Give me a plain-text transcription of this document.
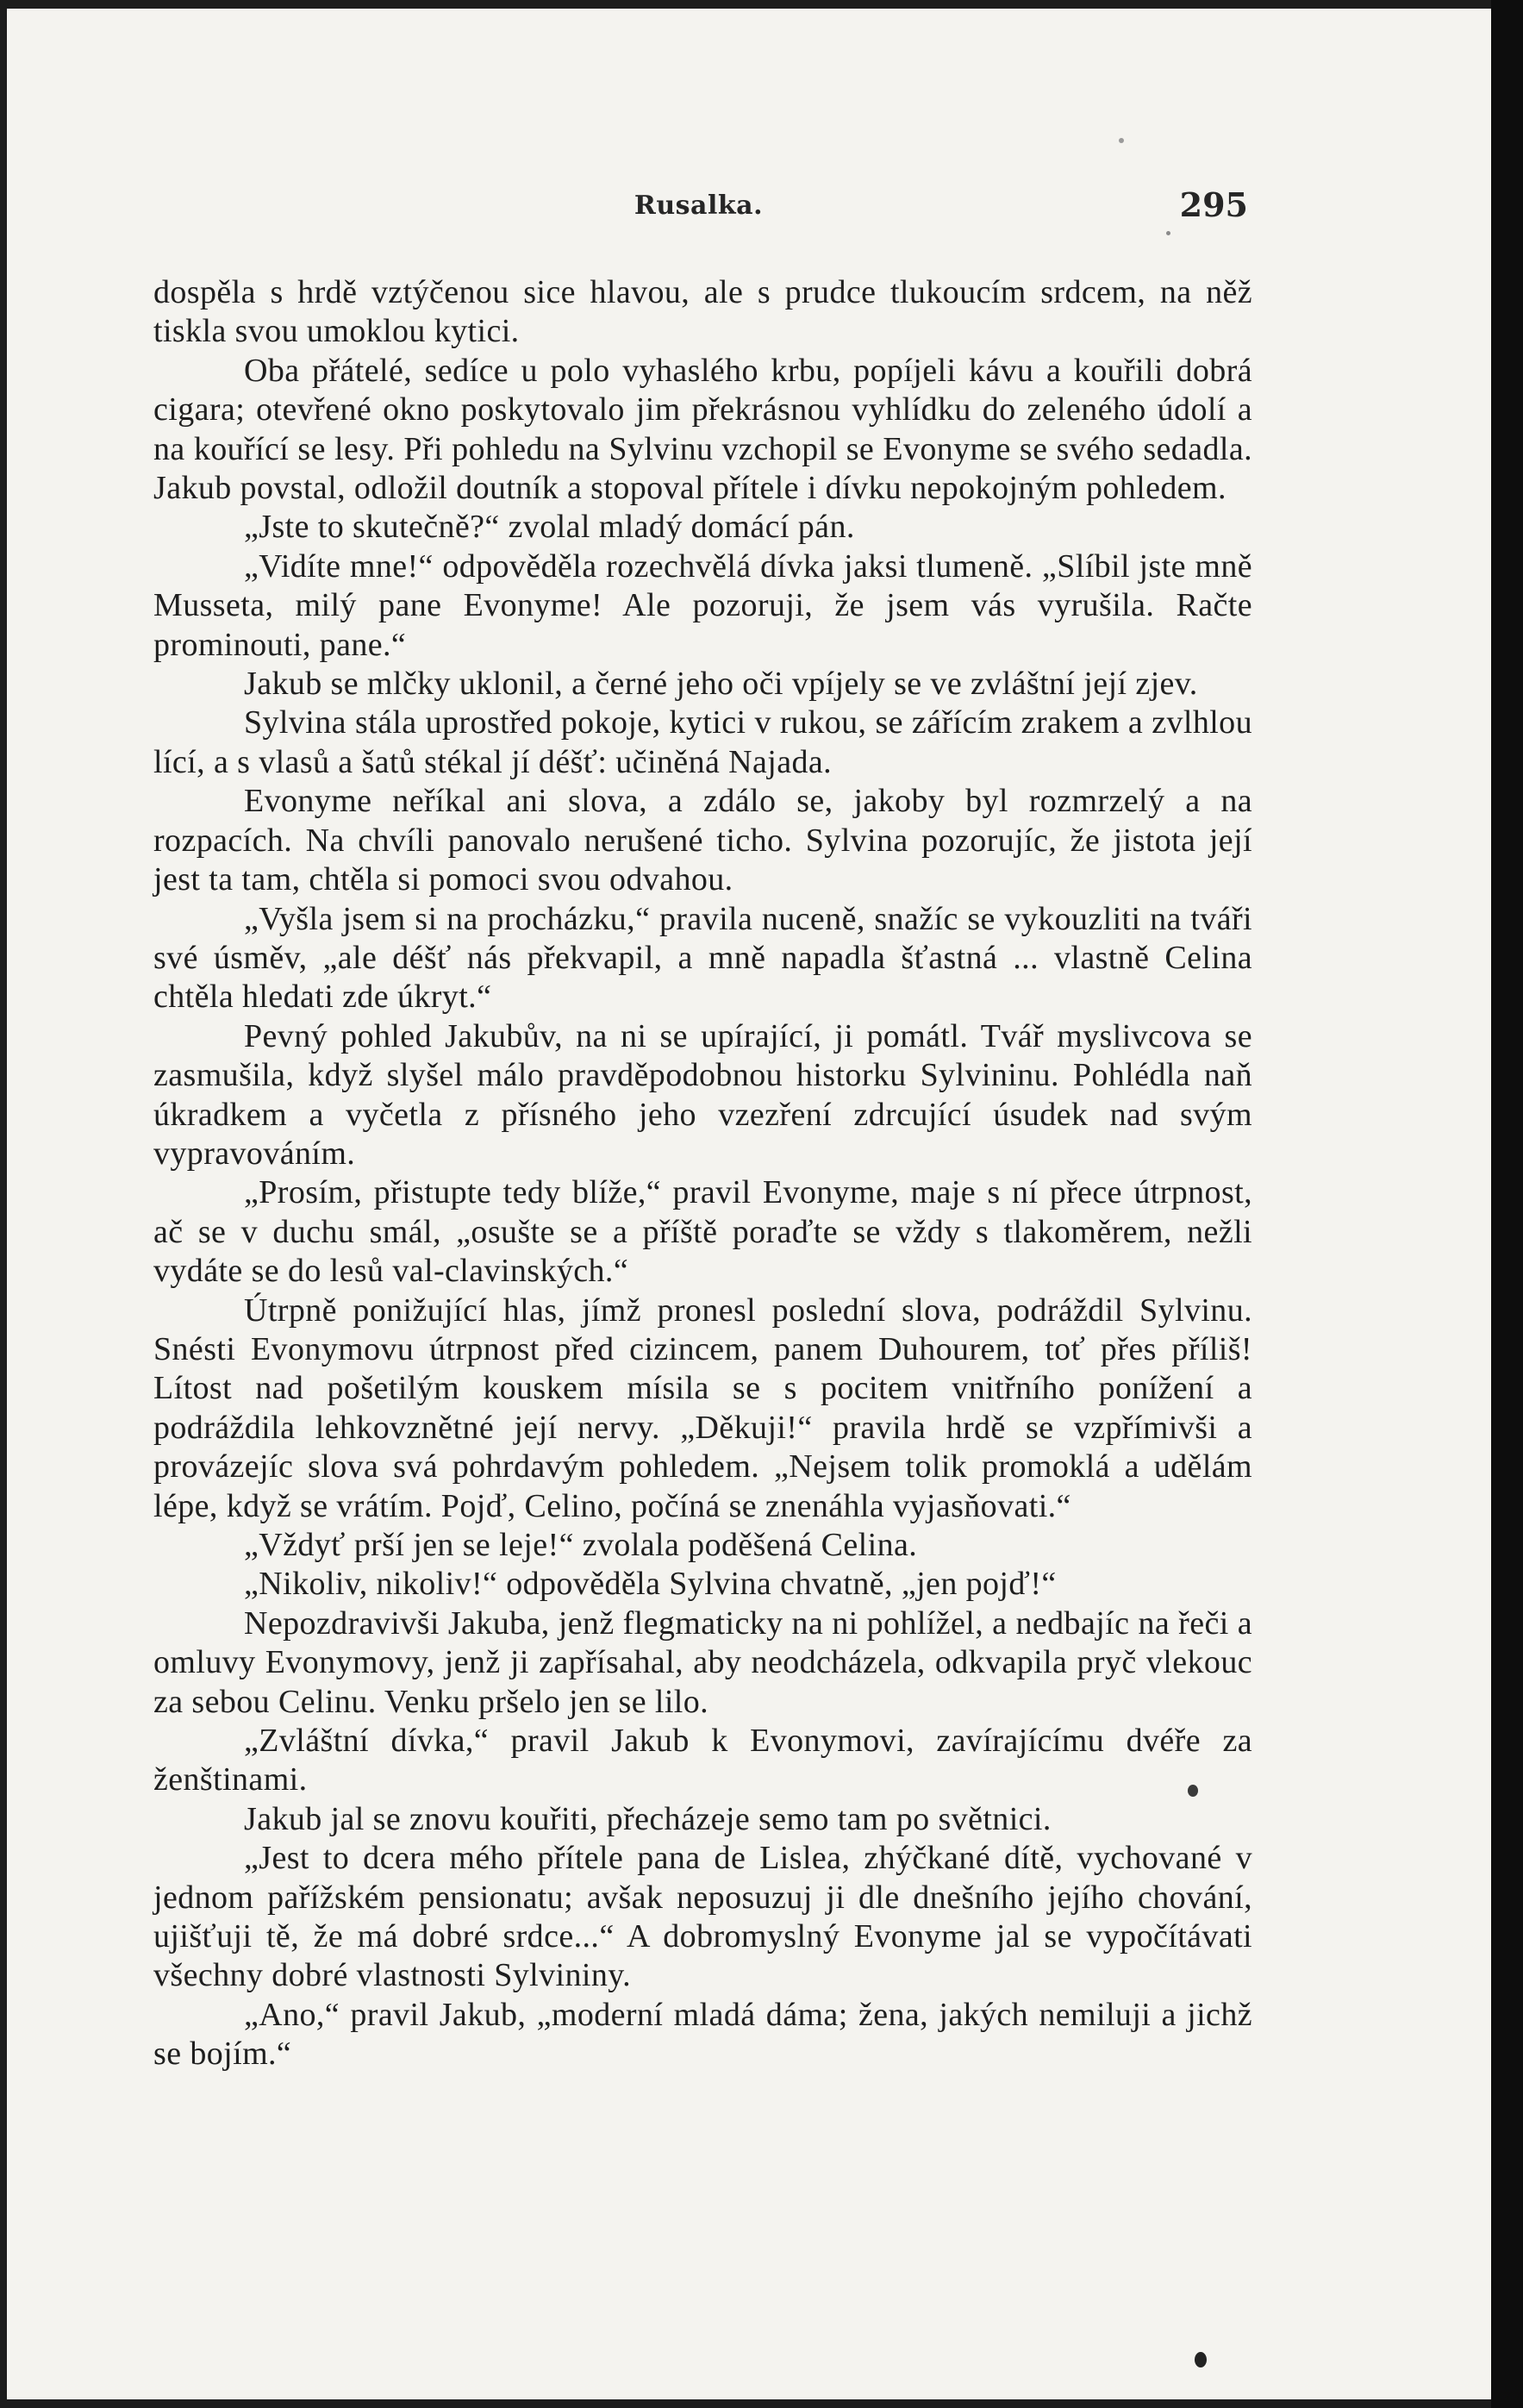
Rusalka.	295

dospěla s hrdě vztýčenou sice hlavou, ale s prudce tlukoucím srdcem, na něž tiskla svou umoklou kytici.

Oba přátelé, sedíce u polo vyhaslého krbu, popíjeli kávu a kouřili dobrá cigara; otevřené okno poskytovalo jim překrásnou vyhlídku do zeleného údolí a na kouřící se lesy. Při pohledu na Sylvinu vzchopil se Evonyme se svého sedadla. Jakub povstal, odložil doutník a stopoval přítele i dívku nepokojným pohledem.

„Jste to skutečně?“ zvolal mladý domácí pán.

„Vidíte mne!“ odpověděla rozechvělá dívka jaksi tlumeně. „Slíbil jste mně Musseta, milý pane Evonyme! Ale pozoruji, že jsem vás vyrušila. Račte prominouti, pane.“

Jakub se mlčky uklonil, a černé jeho oči vpíjely se ve zvláštní její zjev.

Sylvina stála uprostřed pokoje, kytici v rukou, se zářícím zrakem a zvlhlou lící, a s vlasů a šatů stékal jí déšť: učiněná Najada.

Evonyme neříkal ani slova, a zdálo se, jakoby byl rozmrzelý a na rozpacích. Na chvíli panovalo nerušené ticho. Sylvina pozorujíc, že jistota její jest ta tam, chtěla si pomoci svou odvahou.

„Vyšla jsem si na procházku,“ pravila nuceně, snažíc se vykouzliti na tváři své úsměv, „ale déšť nás překvapil, a mně napadla šťastná ... vlastně Celina chtěla hledati zde úkryt.“

Pevný pohled Jakubův, na ni se upírající, ji pomátl. Tvář myslivcova se zasmušila, když slyšel málo pravděpodobnou historku Sylvininu. Pohlédla naň úkradkem a vyčetla z přísného jeho vzezření zdrcující úsudek nad svým vypravováním.

„Prosím, přistupte tedy blíže,“ pravil Evonyme, maje s ní přece útrpnost, ač se v duchu smál, „osušte se a příště poraďte se vždy s tlakoměrem, nežli vydáte se do lesů val-clavinských.“

Útrpně ponižující hlas, jímž pronesl poslední slova, podráždil Sylvinu. Snésti Evonymovu útrpnost před cizincem, panem Duhourem, toť přes příliš! Lítost nad pošetilým kouskem mísila se s pocitem vnitřního ponížení a podráždila lehkovznětné její nervy. „Děkuji!“ pravila hrdě se vzpřímivši a provázejíc slova svá pohrdavým pohledem. „Nejsem tolik promoklá a udělám lépe, když se vrátím. Pojď, Celino, počíná se znenáhla vyjasňovati.“

„Vždyť prší jen se leje!“ zvolala poděšená Celina.

„Nikoliv, nikoliv!“ odpověděla Sylvina chvatně, „jen pojď!“

Nepozdravivši Jakuba, jenž flegmaticky na ni pohlížel, a nedbajíc na řeči a omluvy Evonymovy, jenž ji zapřísahal, aby neodcházela, odkvapila pryč vlekouc za sebou Celinu. Venku pršelo jen se lilo.

„Zvláštní dívka,“ pravil Jakub k Evonymovi, zavírajícímu dvéře za ženštinami.

Jakub jal se znovu kouřiti, přecházeje semo tam po světnici.

„Jest to dcera mého přítele pana de Lislea, zhýčkané dítě, vychované v jednom pařížském pensionatu; avšak neposuzuj ji dle dnešního jejího chování, ujišťuji tě, že má dobré srdce...“ A dobromyslný Evonyme jal se vypočítávati všechny dobré vlastnosti Sylvininy.

„Ano,“ pravil Jakub, „moderní mladá dáma; žena, jakých nemiluji a jichž se bojím.“
